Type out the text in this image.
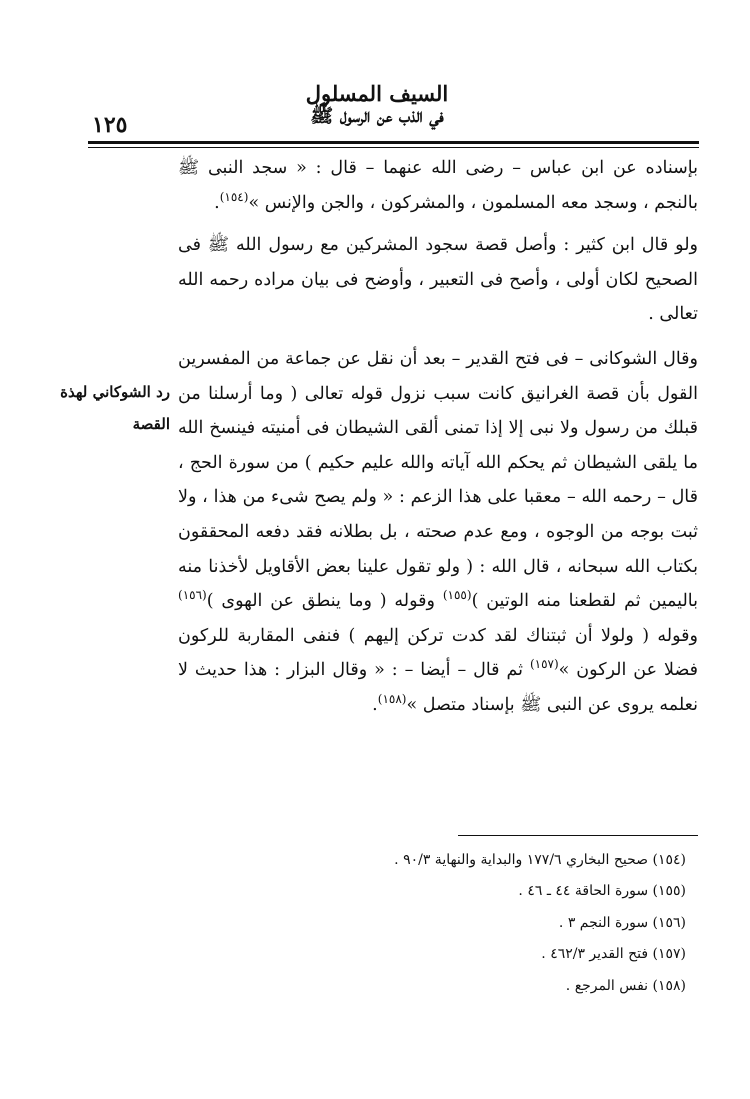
السيف المسلول
في الذب عن الرسول ﷺ
١٢٥

بإسناده عن ابن عباس – رضى الله عنهما – قال : « سجد النبى ﷺ بالنجم ، وسجد معه المسلمون ، والمشركون ، والجن والإنس »$^{(١٥٤)}$.

ولو قال ابن كثير : وأصل قصة سجود المشركين مع رسول الله ﷺ فى الصحيح لكان أولى ، وأصح فى التعبير ، وأوضح فى بيان مراده رحمه الله تعالى .

وقال الشوكانى – فى فتح القدير – بعد أن نقل عن جماعة من المفسرين القول بأن قصة الغرانيق كانت سبب نزول قوله تعالى ( وما أرسلنا من قبلك من رسول ولا نبى إلا إذا تمنى ألقى الشيطان فى أمنيته فينسخ الله ما يلقى الشيطان ثم يحكم الله آياته والله عليم حكيم ) من سورة الحج ، قال – رحمه الله – معقبا على هذا الزعم : « ولم يصح شىء من هذا ، ولا ثبت بوجه من الوجوه ، ومع عدم صحته ، بل بطلانه فقد دفعه المحققون بكتاب الله سبحانه ، قال الله : ( ولو تقول علينا بعض الأقاويل لأخذنا منه باليمين ثم لقطعنا منه الوتين )$^{(١٥٥)}$ وقوله ( وما ينطق عن الهوى )$^{(١٥٦)}$ وقوله ( ولولا أن ثبتناك لقد كدت تركن إليهم ) فنفى المقاربة للركون فضلا عن الركون »$^{(١٥٧)}$ ثم قال – أيضا – : « وقال البزار : هذا حديث لا نعلمه يروى عن النبى ﷺ بإسناد متصل »$^{(١٥٨)}$.

رد الشوكاني لهذة
القصة
(١٥٤) صحيح البخاري ١٧٧/٦ والبداية والنهاية ٩٠/٣ .
(١٥٥) سورة الحاقة ٤٤ ـ ٤٦ .
(١٥٦) سورة النجم ٣ .
(١٥٧) فتح القدير ٤٦٢/٣ .
(١٥٨) نفس المرجع .
